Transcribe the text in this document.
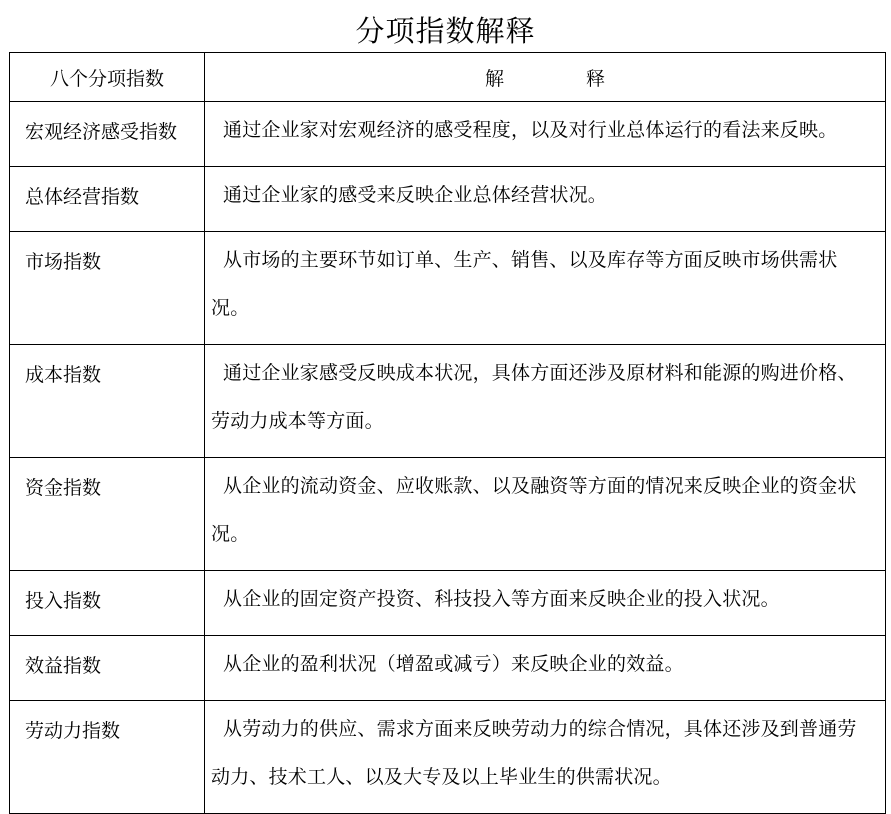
分项指数解释
八个分项指数	解 释
宏观经济感受指数	通过企业家对宏观经济的感受程度，以及对行业总体运行的看法来反映。

总体经营指数	通过企业家的感受来反映企业总体经营状况。

市场指数	从市场的主要环节如订单、生产、销售、以及库存等方面反映市场供需状况。

成本指数	通过企业家感受反映成本状况，具体方面还涉及原材料和能源的购进价格、劳动力成本等方面。

资金指数	从企业的流动资金、应收账款、以及融资等方面的情况来反映企业的资金状况。

投入指数	从企业的固定资产投资、科技投入等方面来反映企业的投入状况。

效益指数	从企业的盈利状况（增盈或减亏）来反映企业的效益。

劳动力指数	从劳动力的供应、需求方面来反映劳动力的综合情况，具体还涉及到普通劳动力、技术工人、以及大专及以上毕业生的供需状况。
